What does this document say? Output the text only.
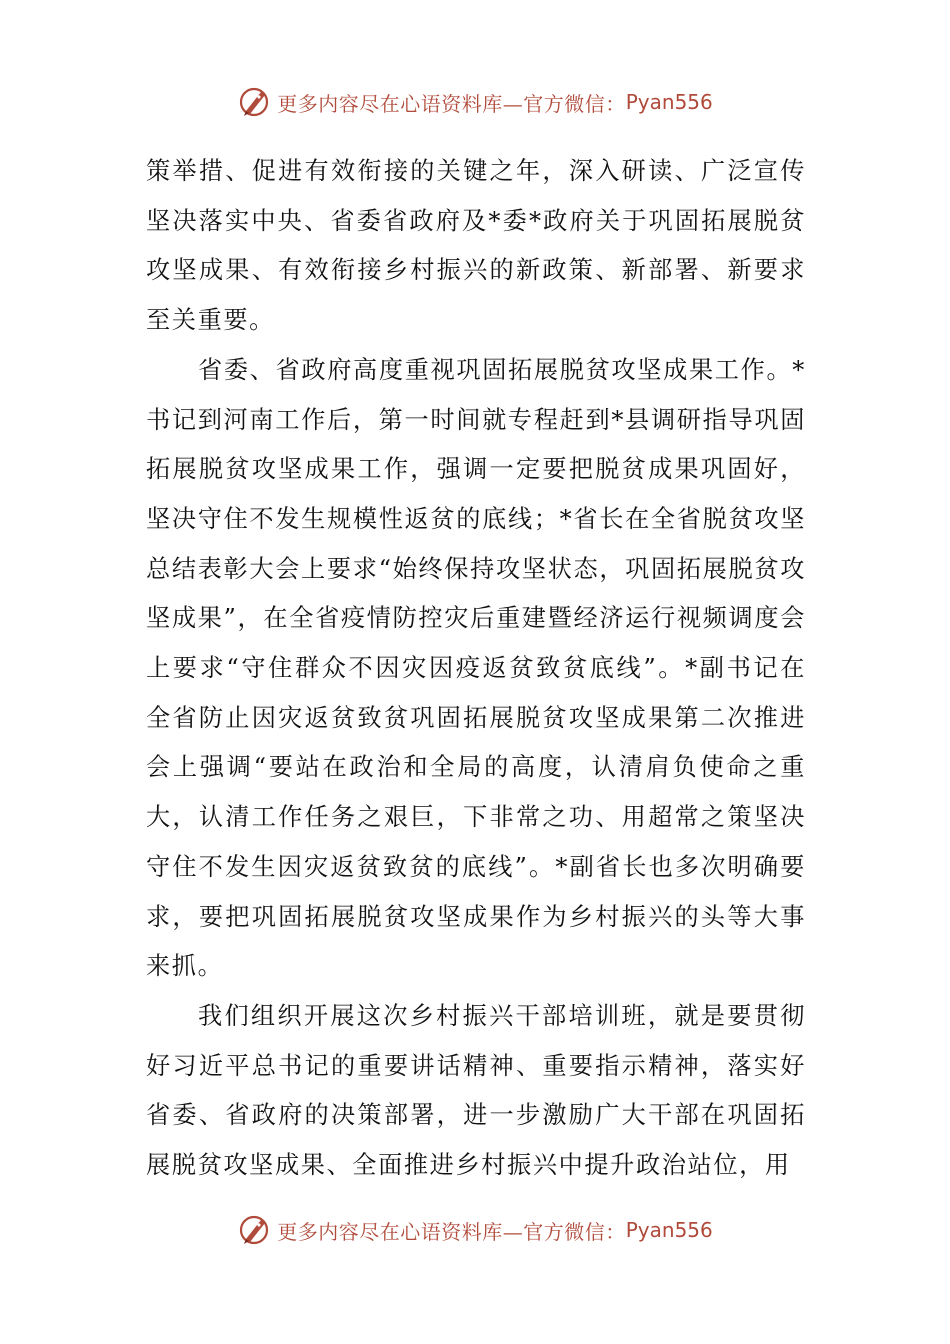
更多内容尽在心语资料库—官方微信： Pyan556

策举措、促进有效衔接的关键之年，深入研读、广泛宣传坚决落实中央、省委省政府及*委*政府关于巩固拓展脱贫攻坚成果、有效衔接乡村振兴的新政策、新部署、新要求至关重要。

省委、省政府高度重视巩固拓展脱贫攻坚成果工作。*书记到河南工作后，第一时间就专程赶到*县调研指导巩固拓展脱贫攻坚成果工作，强调一定要把脱贫成果巩固好，坚决守住不发生规模性返贫的底线；*省长在全省脱贫攻坚总结表彰大会上要求“始终保持攻坚状态，巩固拓展脱贫攻坚成果”，在全省疫情防控灾后重建暨经济运行视频调度会上要求“守住群众不因灾因疫返贫致贫底线”。*副书记在全省防止因灾返贫致贫巩固拓展脱贫攻坚成果第二次推进会上强调“要站在政治和全局的高度，认清肩负使命之重大，认清工作任务之艰巨，下非常之功、用超常之策坚决守住不发生因灾返贫致贫的底线”。*副省长也多次明确要求，要把巩固拓展脱贫攻坚成果作为乡村振兴的头等大事来抓。

我们组织开展这次乡村振兴干部培训班，就是要贯彻好习近平总书记的重要讲话精神、重要指示精神，落实好省委、省政府的决策部署，进一步激励广大干部在巩固拓展脱贫攻坚成果、全面推进乡村振兴中提升政治站位，用

更多内容尽在心语资料库—官方微信： Pyan556
